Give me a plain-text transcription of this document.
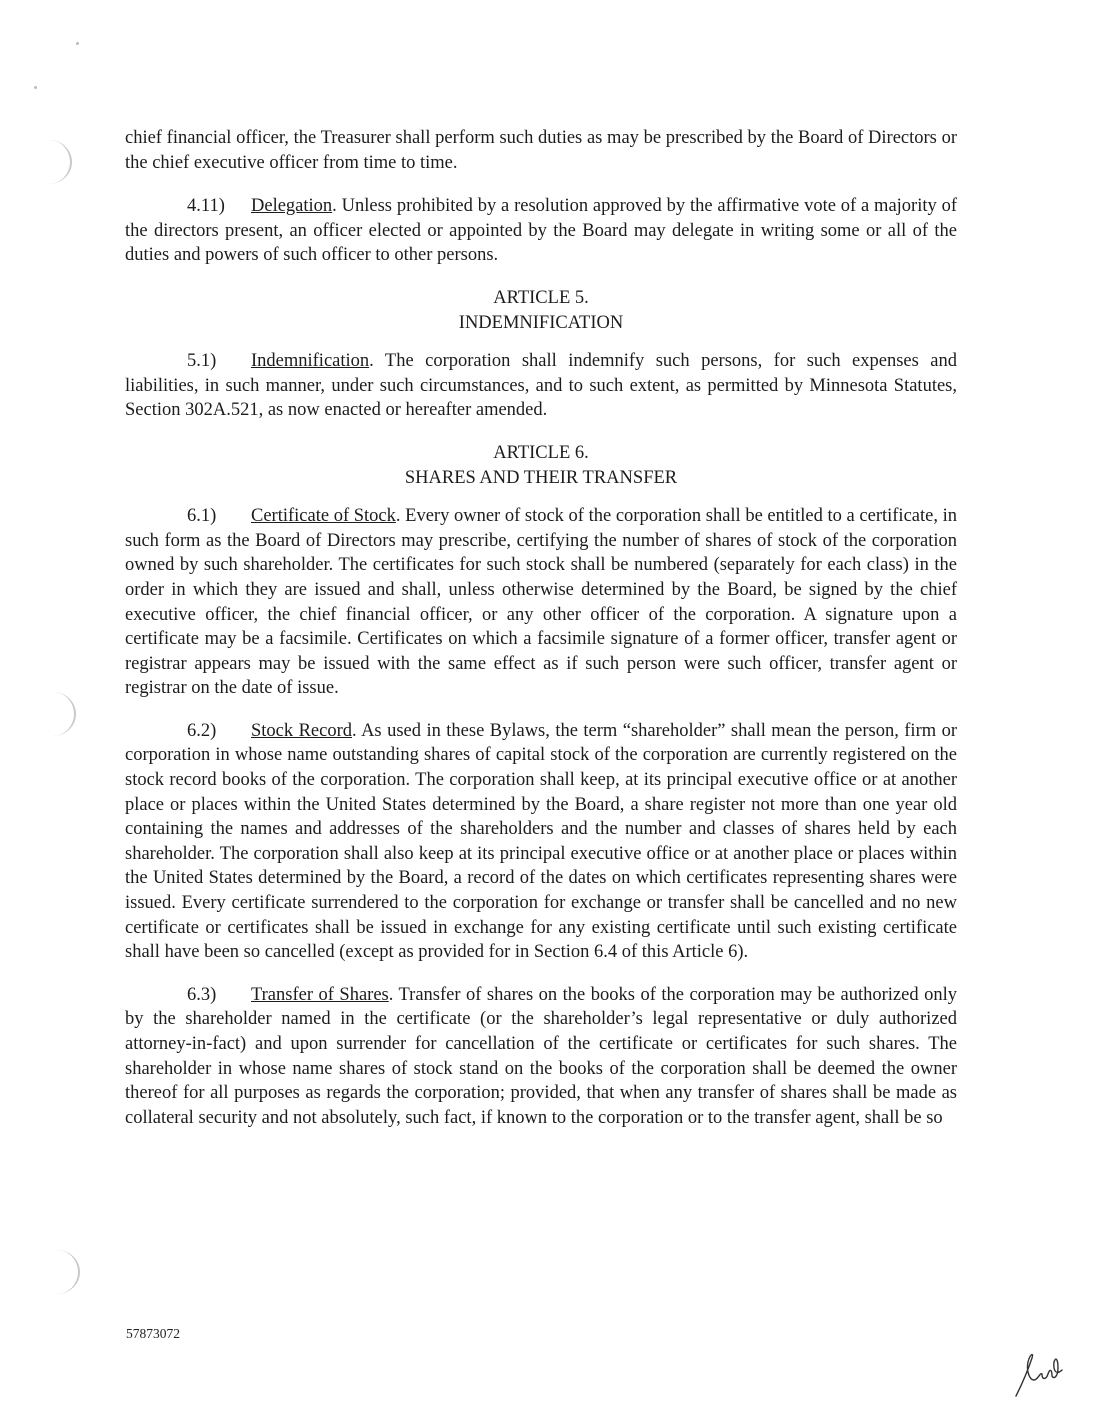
chief financial officer, the Treasurer shall perform such duties as may be prescribed by the Board of Directors or the chief executive officer from time to time.

4.11) Delegation. Unless prohibited by a resolution approved by the affirmative vote of a majority of the directors present, an officer elected or appointed by the Board may delegate in writing some or all of the duties and powers of such officer to other persons.

ARTICLE 5.
INDEMNIFICATION

5.1) Indemnification. The corporation shall indemnify such persons, for such expenses and liabilities, in such manner, under such circumstances, and to such extent, as permitted by Minnesota Statutes, Section 302A.521, as now enacted or hereafter amended.

ARTICLE 6.
SHARES AND THEIR TRANSFER

6.1) Certificate of Stock. Every owner of stock of the corporation shall be entitled to a certificate, in such form as the Board of Directors may prescribe, certifying the number of shares of stock of the corporation owned by such shareholder. The certificates for such stock shall be numbered (separately for each class) in the order in which they are issued and shall, unless otherwise determined by the Board, be signed by the chief executive officer, the chief financial officer, or any other officer of the corporation. A signature upon a certificate may be a facsimile. Certificates on which a facsimile signature of a former officer, transfer agent or registrar appears may be issued with the same effect as if such person were such officer, transfer agent or registrar on the date of issue.

6.2) Stock Record. As used in these Bylaws, the term “shareholder” shall mean the person, firm or corporation in whose name outstanding shares of capital stock of the corporation are currently registered on the stock record books of the corporation. The corporation shall keep, at its principal executive office or at another place or places within the United States determined by the Board, a share register not more than one year old containing the names and addresses of the shareholders and the number and classes of shares held by each shareholder. The corporation shall also keep at its principal executive office or at another place or places within the United States determined by the Board, a record of the dates on which certificates representing shares were issued. Every certificate surrendered to the corporation for exchange or transfer shall be cancelled and no new certificate or certificates shall be issued in exchange for any existing certificate until such existing certificate shall have been so cancelled (except as provided for in Section 6.4 of this Article 6).

6.3) Transfer of Shares. Transfer of shares on the books of the corporation may be authorized only by the shareholder named in the certificate (or the shareholder’s legal representative or duly authorized attorney-in-fact) and upon surrender for cancellation of the certificate or certificates for such shares. The shareholder in whose name shares of stock stand on the books of the corporation shall be deemed the owner thereof for all purposes as regards the corporation; provided, that when any transfer of shares shall be made as collateral security and not absolutely, such fact, if known to the corporation or to the transfer agent, shall be so

57873072
